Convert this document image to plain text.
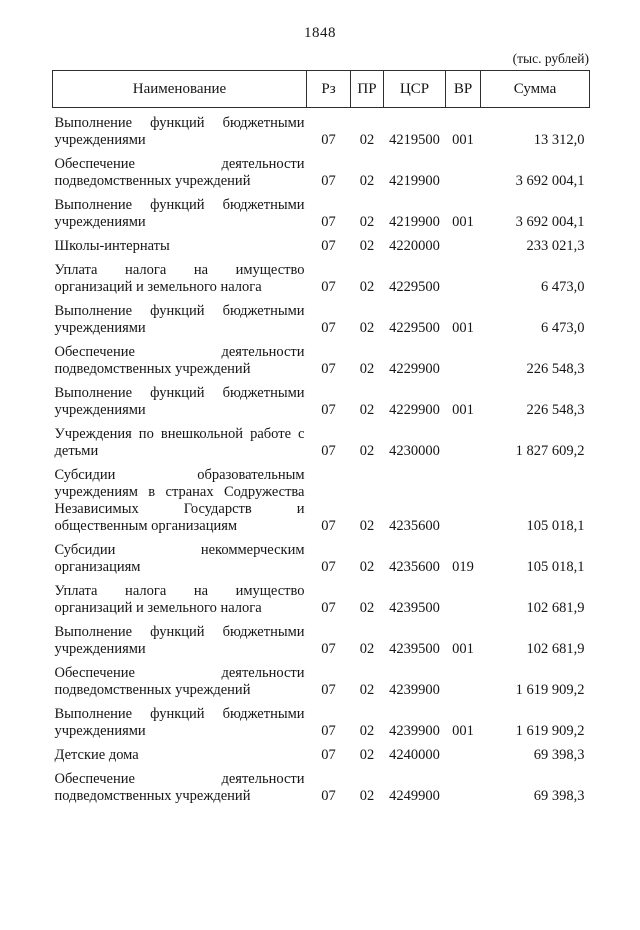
1848
(тыс. рублей)
Наименование	Рз	ПР	ЦСР	ВР	Сумма
Выполнение функций бюджетными учреждениями	07	02	4219500	001	13 312,0
Обеспечение деятельности подведомственных учреждений	07	02	4219900		3 692 004,1
Выполнение функций бюджетными учреждениями	07	02	4219900	001	3 692 004,1
Школы-интернаты	07	02	4220000		233 021,3
Уплата налога на имущество организаций и земельного налога	07	02	4229500		6 473,0
Выполнение функций бюджетными учреждениями	07	02	4229500	001	6 473,0
Обеспечение деятельности подведомственных учреждений	07	02	4229900		226 548,3
Выполнение функций бюджетными учреждениями	07	02	4229900	001	226 548,3
Учреждения по внешкольной работе с детьми	07	02	4230000		1 827 609,2
Субсидии образовательным учреждениям в странах Содружества Независимых Государств и общественным организациям	07	02	4235600		105 018,1
Субсидии некоммерческим организациям	07	02	4235600	019	105 018,1
Уплата налога на имущество организаций и земельного налога	07	02	4239500		102 681,9
Выполнение функций бюджетными учреждениями	07	02	4239500	001	102 681,9
Обеспечение деятельности подведомственных учреждений	07	02	4239900		1 619 909,2
Выполнение функций бюджетными учреждениями	07	02	4239900	001	1 619 909,2
Детские дома	07	02	4240000		69 398,3
Обеспечение деятельности подведомственных учреждений	07	02	4249900		69 398,3
